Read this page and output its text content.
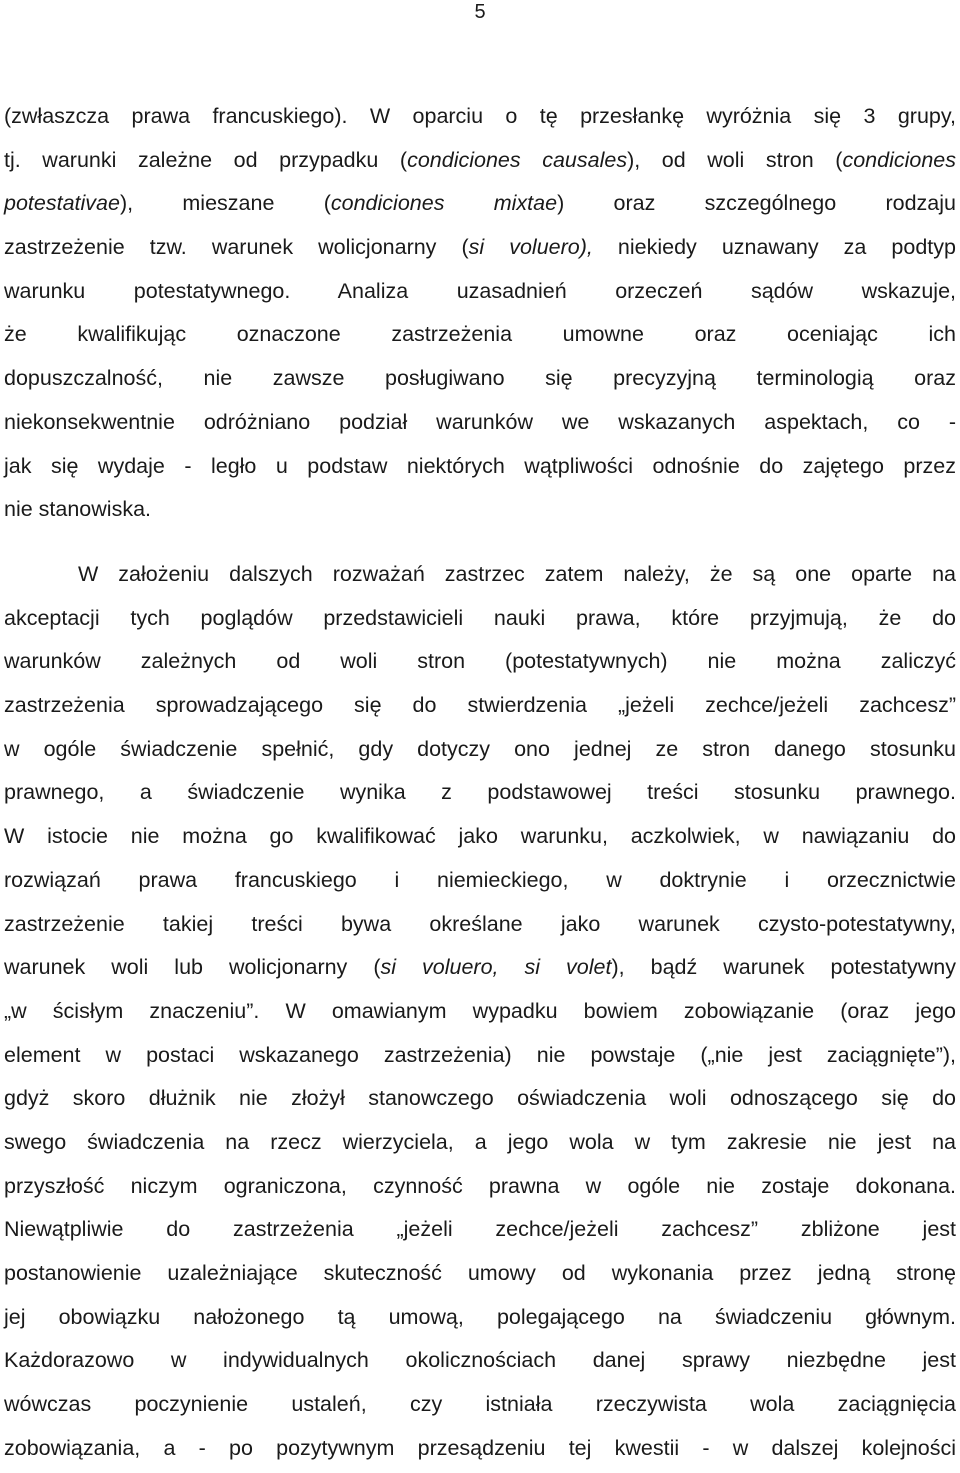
5
(zwłaszcza prawa francuskiego). W oparciu o tę przesłankę wyróżnia się 3 grupy,
tj. warunki zależne od przypadku (condiciones causales), od woli stron (condiciones
potestativae), mieszane (condiciones mixtae) oraz szczególnego rodzaju
zastrzeżenie tzw. warunek wolicjonarny (si voluero), niekiedy uznawany za podtyp
warunku potestatywnego. Analiza uzasadnień orzeczeń sądów wskazuje,
że kwalifikując oznaczone zastrzeżenia umowne oraz oceniając ich
dopuszczalność, nie zawsze posługiwano się precyzyjną terminologią oraz
niekonsekwentnie odróżniano podział warunków we wskazanych aspektach, co -
jak się wydaje - legło u podstaw niektórych wątpliwości odnośnie do zajętego przez
nie stanowiska.
W założeniu dalszych rozważań zastrzec zatem należy, że są one oparte na
akceptacji tych poglądów przedstawicieli nauki prawa, które przyjmują, że do
warunków zależnych od woli stron (potestatywnych) nie można zaliczyć
zastrzeżenia sprowadzającego się do stwierdzenia „jeżeli zechce/jeżeli zachcesz”
w ogóle świadczenie spełnić, gdy dotyczy ono jednej ze stron danego stosunku
prawnego, a świadczenie wynika z podstawowej treści stosunku prawnego.
W istocie nie można go kwalifikować jako warunku, aczkolwiek, w nawiązaniu do
rozwiązań prawa francuskiego i niemieckiego, w doktrynie i orzecznictwie
zastrzeżenie takiej treści bywa określane jako warunek czysto-potestatywny,
warunek woli lub wolicjonarny (si voluero, si volet), bądź warunek potestatywny
„w ścisłym znaczeniu”. W omawianym wypadku bowiem zobowiązanie (oraz jego
element w postaci wskazanego zastrzeżenia) nie powstaje („nie jest zaciągnięte”),
gdyż skoro dłużnik nie złożył stanowczego oświadczenia woli odnoszącego się do
swego świadczenia na rzecz wierzyciela, a jego wola w tym zakresie nie jest na
przyszłość niczym ograniczona, czynność prawna w ogóle nie zostaje dokonana.
Niewątpliwie do zastrzeżenia „jeżeli zechce/jeżeli zachcesz” zbliżone jest
postanowienie uzależniające skuteczność umowy od wykonania przez jedną stronę
jej obowiązku nałożonego tą umową, polegającego na świadczeniu głównym.
Każdorazowo w indywidualnych okolicznościach danej sprawy niezbędne jest
wówczas poczynienie ustaleń, czy istniała rzeczywista wola zaciągnięcia
zobowiązania, a - po pozytywnym przesądzeniu tej kwestii - w dalszej kolejności
